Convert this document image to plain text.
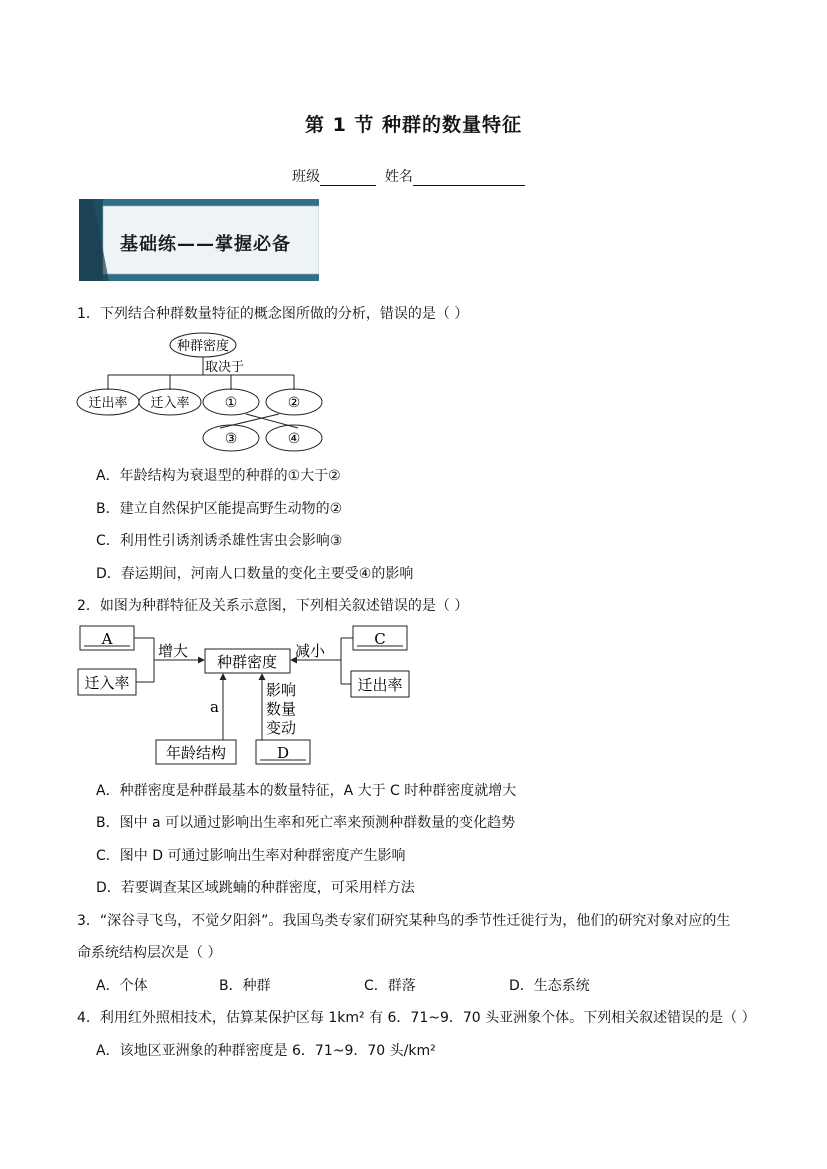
第 1 节 种群的数量特征
班级	姓名
基础练——掌握必备
1．下列结合种群数量特征的概念图所做的分析，错误的是（ ）
种群密度
取决于
迁出率 迁入率	①	②
③	④
A．年龄结构为衰退型的种群的①大于②
B．建立自然保护区能提高野生动物的②
C．利用性引诱剂诱杀雄性害虫会影响③
D．春运期间，河南人口数量的变化主要受④的影响
2．如图为种群特征及关系示意图，下列相关叙述错误的是（ ）
A
迁入率
增大
种群密度
减小
C
迁出率
a
影响
数量
变动
年龄结构	D
A．种群密度是种群最基本的数量特征，A 大于 C 时种群密度就增大
B．图中 a 可以通过影响出生率和死亡率来预测种群数量的变化趋势
C．图中 D 可通过影响出生率对种群密度产生影响
D．若要调查某区域跳蝻的种群密度，可采用样方法
3．“深谷寻飞鸟，不觉夕阳斜”。我国鸟类专家们研究某种鸟的季节性迁徙行为，他们的研究对象对应的生
命系统结构层次是（ ）
A．个体	B．种群	C．群落	D．生态系统
4．利用红外照相技术，估算某保护区每 1km² 有 6．71~9．70 头亚洲象个体。下列相关叙述错误的是（ ）
A．该地区亚洲象的种群密度是 6．71~9．70 头/km²
